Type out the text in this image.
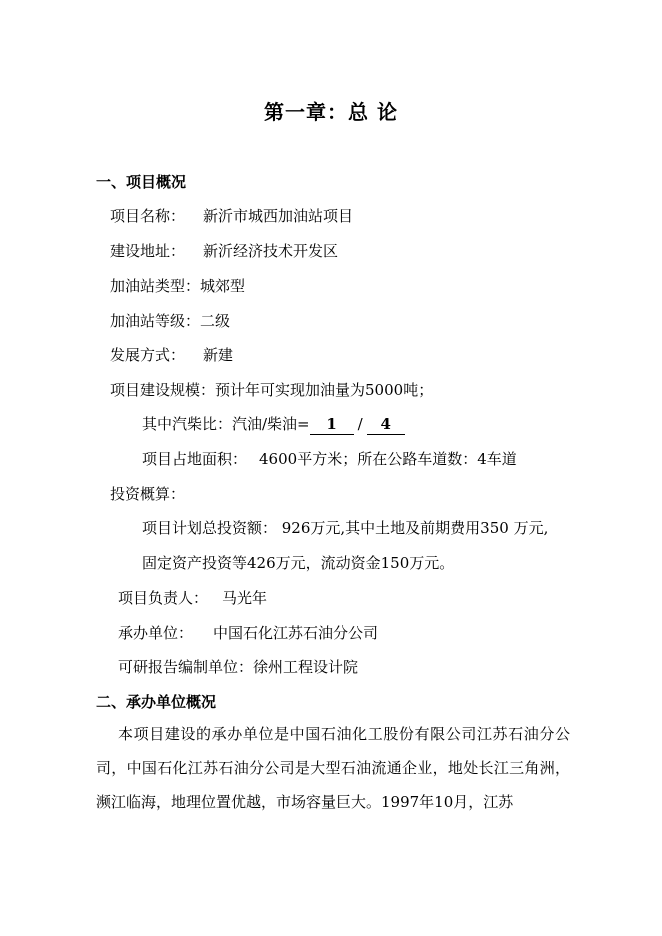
第一章：总 论
一、项目概况
项目名称： 新沂市城西加油站项目
建设地址： 新沂经济技术开发区
加油站类型：城郊型
加油站等级：二级
发展方式： 新建
项目建设规模：预计年可实现加油量为5000吨；
其中汽柴比：汽油/柴油= 1 / 4
项目占地面积： 4600平方米；所在公路车道数：4车道
投资概算：
项目计划总投资额： 926万元,其中土地及前期费用350 万元,
固定资产投资等426万元，流动资金150万元。
项目负责人： 马光年
承办单位： 中国石化江苏石油分公司
可研报告编制单位：徐州工程设计院
二、承办单位概况
本项目建设的承办单位是中国石油化工股份有限公司江苏石油分公司，中国石化江苏石油分公司是大型石油流通企业，地处长江三角洲，濒江临海，地理位置优越，市场容量巨大。1997年10月，江苏
